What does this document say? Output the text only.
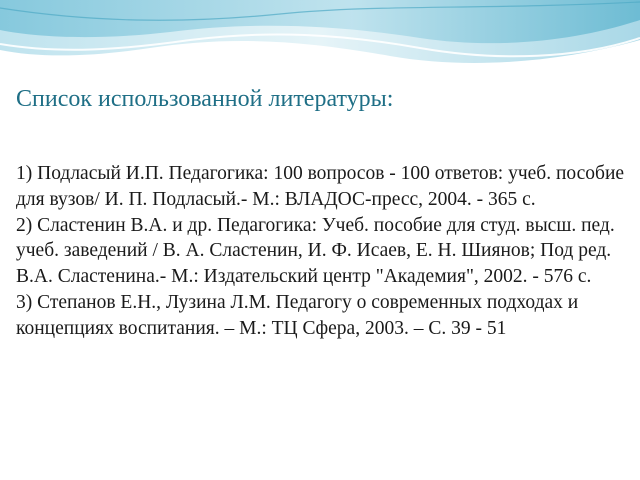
Список использованной литературы:
1) Подласый И.П. Педагогика: 100 вопросов - 100 ответов: учеб. пособие для вузов/ И. П. Подласый.- М.: ВЛАДОС-пресс, 2004. - 365 с.
2) Сластенин В.А. и др. Педагогика: Учеб. пособие для студ. высш. пед. учеб. заведений / В. А. Сластенин, И. Ф. Исаев, Е. Н. Шиянов; Под ред. В.А. Сластенина.- М.: Издательский центр "Академия", 2002. - 576 с.
3) Степанов Е.Н., Лузина Л.М. Педагогу о современных подходах и концепциях воспитания. – М.: ТЦ Сфера, 2003. – С. 39 - 51
